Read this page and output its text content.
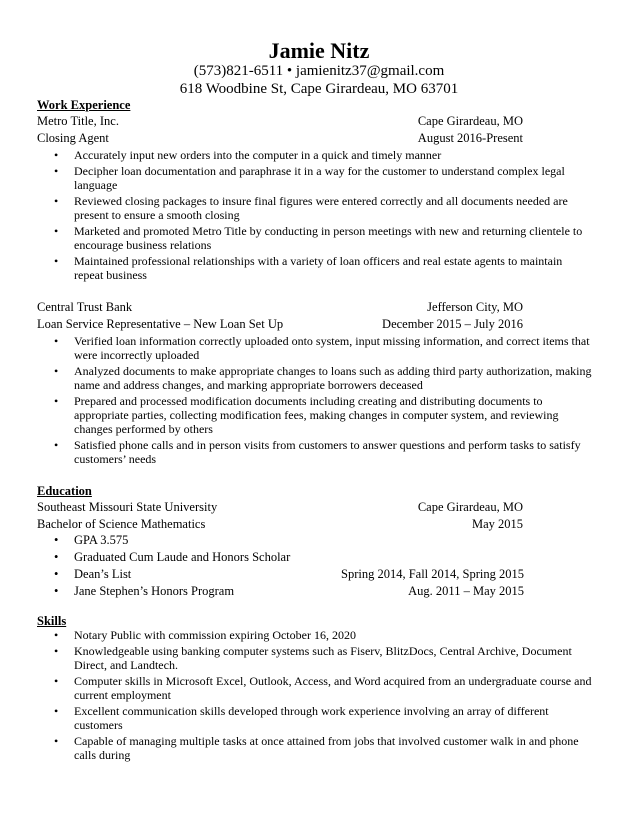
Jamie Nitz
(573)821-6511 • jamienitz37@gmail.com
618 Woodbine St, Cape Girardeau, MO 63701
Work Experience
Metro Title, Inc.	Cape Girardeau, MO
Closing Agent	August 2016-Present
• Accurately input new orders into the computer in a quick and timely manner
• Decipher loan documentation and paraphrase it in a way for the customer to understand complex legal language
• Reviewed closing packages to insure final figures were entered correctly and all documents needed are present to ensure a smooth closing
• Marketed and promoted Metro Title by conducting in person meetings with new and returning clientele to encourage business relations
• Maintained professional relationships with a variety of loan officers and real estate agents to maintain repeat business
Central Trust Bank	Jefferson City, MO
Loan Service Representative – New Loan Set Up	December 2015 – July 2016
• Verified loan information correctly uploaded onto system, input missing information, and correct items that were incorrectly uploaded
• Analyzed documents to make appropriate changes to loans such as adding third party authorization, making name and address changes, and marking appropriate borrowers deceased
• Prepared and processed modification documents including creating and distributing documents to appropriate parties, collecting modification fees, making changes in computer system, and reviewing changes performed by others
• Satisfied phone calls and in person visits from customers to answer questions and perform tasks to satisfy customers’ needs
Education
Southeast Missouri State University	Cape Girardeau, MO
Bachelor of Science Mathematics	May 2015
• GPA 3.575
• Graduated Cum Laude and Honors Scholar
• Dean’s List	Spring 2014, Fall 2014, Spring 2015
• Jane Stephen’s Honors Program	Aug. 2011 – May 2015
Skills
• Notary Public with commission expiring October 16, 2020
• Knowledgeable using banking computer systems such as Fiserv, BlitzDocs, Central Archive, Document Direct, and Landtech.
• Computer skills in Microsoft Excel, Outlook, Access, and Word acquired from an undergraduate course and current employment
• Excellent communication skills developed through work experience involving an array of different customers
• Capable of managing multiple tasks at once attained from jobs that involved customer walk in and phone calls during
